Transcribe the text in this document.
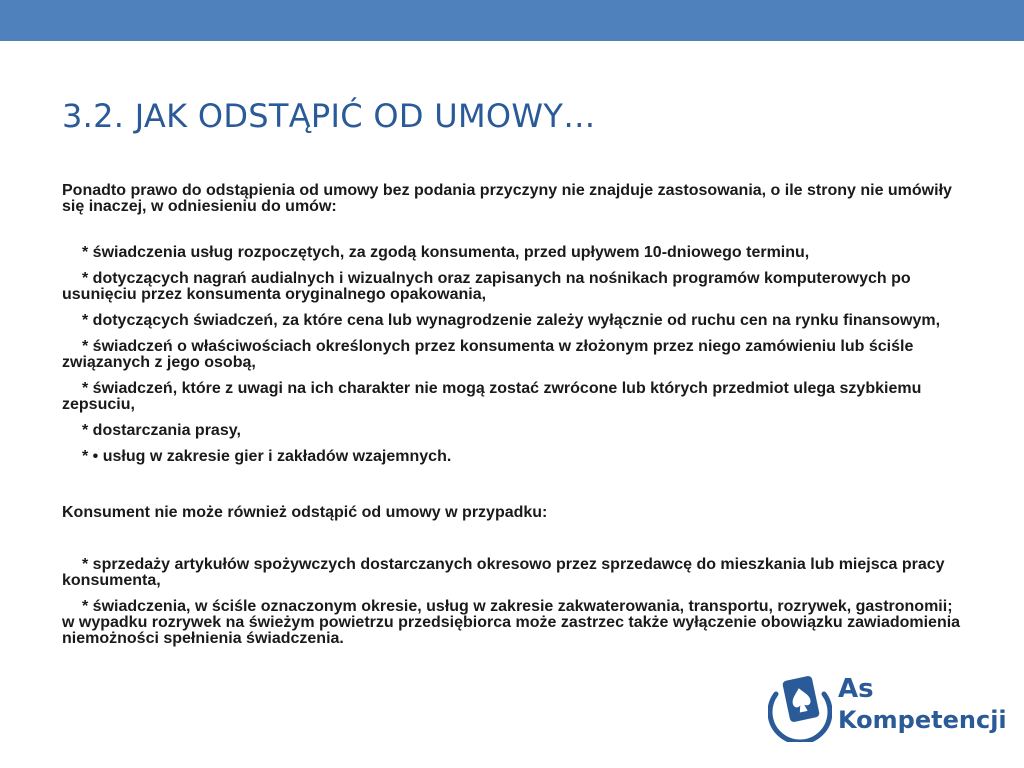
3.2. JAK ODSTĄPIĆ OD UMOWY…

Ponadto prawo do odstąpienia od umowy bez podania przyczyny nie znajduje zastosowania, o ile strony nie umówiły się inaczej, w odniesieniu do umów:

* świadczenia usług rozpoczętych, za zgodą konsumenta, przed upływem 10-dniowego terminu,

* dotyczących nagrań audialnych i wizualnych oraz zapisanych na nośnikach programów komputerowych po usunięciu przez konsumenta oryginalnego opakowania,

* dotyczących świadczeń, za które cena lub wynagrodzenie zależy wyłącznie od ruchu cen na rynku finansowym,

* świadczeń o właściwościach określonych przez konsumenta w złożonym przez niego zamówieniu lub ściśle związanych z jego osobą,

* świadczeń, które z uwagi na ich charakter nie mogą zostać zwrócone lub których przedmiot ulega szybkiemu zepsuciu,

* dostarczania prasy,

* • usług w zakresie gier i zakładów wzajemnych.

Konsument nie może również odstąpić od umowy w przypadku:

* sprzedaży artykułów spożywczych dostarczanych okresowo przez sprzedawcę do mieszkania lub miejsca pracy konsumenta,

* świadczenia, w ściśle oznaczonym okresie, usług w zakresie zakwaterowania, transportu, rozrywek, gastronomii; w wypadku rozrywek na świeżym powietrzu przedsiębiorca może zastrzec także wyłączenie obowiązku zawiadomienia niemożności spełnienia świadczenia.

As
Kompetencji
